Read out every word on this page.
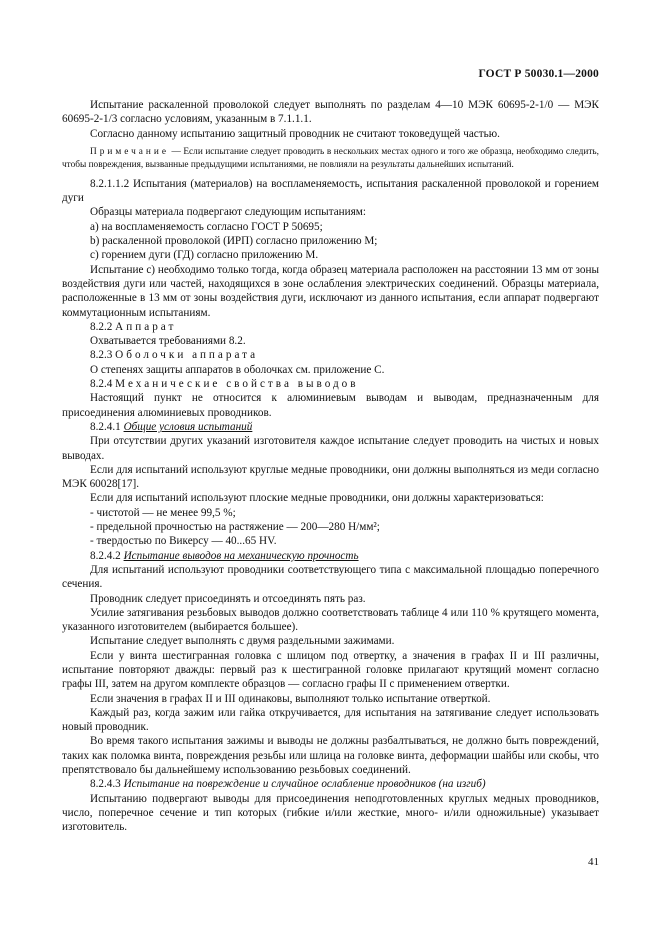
ГОСТ Р 50030.1—2000

Испытание раскаленной проволокой следует выполнять по разделам 4—10 МЭК 60695-2-1/0 — МЭК 60695-2-1/3 согласно условиям, указанным в 7.1.1.1.

Согласно данному испытанию защитный проводник не считают токоведущей частью.

Примечание — Если испытание следует проводить в нескольких местах одного и того же образца, необходимо следить, чтобы повреждения, вызванные предыдущими испытаниями, не повлияли на результаты дальнейших испытаний.

8.2.1.1.2 Испытания (материалов) на воспламеняемость, испытания раскаленной проволокой и горением дуги

Образцы материала подвергают следующим испытаниям:

а) на воспламеняемость согласно ГОСТ Р 50695;

b) раскаленной проволокой (ИРП) согласно приложению М;

с) горением дуги (ГД) согласно приложению М.

Испытание с) необходимо только тогда, когда образец материала расположен на расстоянии 13 мм от зоны воздействия дуги или частей, находящихся в зоне ослабления электрических соединений. Образцы материала, расположенные в 13 мм от зоны воздействия дуги, исключают из данного испытания, если аппарат подвергают коммутационным испытаниям.

8.2.2 Аппарат

Охватывается требованиями 8.2.

8.2.3 Оболочки аппарата

О степенях защиты аппаратов в оболочках см. приложение С.

8.2.4 Механические свойства выводов

Настоящий пункт не относится к алюминиевым выводам и выводам, предназначенным для присоединения алюминиевых проводников.

8.2.4.1 Общие условия испытаний

При отсутствии других указаний изготовителя каждое испытание следует проводить на чистых и новых выводах.

Если для испытаний используют круглые медные проводники, они должны выполняться из меди согласно МЭК 60028[17].

Если для испытаний используют плоские медные проводники, они должны характеризоваться:

- чистотой — не менее 99,5 %;

- предельной прочностью на растяжение — 200—280 Н/мм²;

- твердостью по Викерсу — 40...65 HV.

8.2.4.2 Испытание выводов на механическую прочность

Для испытаний используют проводники соответствующего типа с максимальной площадью поперечного сечения.

Проводник следует присоединять и отсоединять пять раз.

Усилие затягивания резьбовых выводов должно соответствовать таблице 4 или 110 % крутящего момента, указанного изготовителем (выбирается большее).

Испытание следует выполнять с двумя раздельными зажимами.

Если у винта шестигранная головка с шлицом под отвертку, а значения в графах II и III различны, испытание повторяют дважды: первый раз к шестигранной головке прилагают крутящий момент согласно графы III, затем на другом комплекте образцов — согласно графы II с применением отвертки.

Если значения в графах II и III одинаковы, выполняют только испытание отверткой.

Каждый раз, когда зажим или гайка откручивается, для испытания на затягивание следует использовать новый проводник.

Во время такого испытания зажимы и выводы не должны разбалтываться, не должно быть повреждений, таких как поломка винта, повреждения резьбы или шлица на головке винта, деформации шайбы или скобы, что препятствовало бы дальнейшему использованию резьбовых соединений.

8.2.4.3 Испытание на повреждение и случайное ослабление проводников (на изгиб)

Испытанию подвергают выводы для присоединения неподготовленных круглых медных проводников, число, поперечное сечение и тип которых (гибкие и/или жесткие, много- и/или одножильные) указывает изготовитель.

41
